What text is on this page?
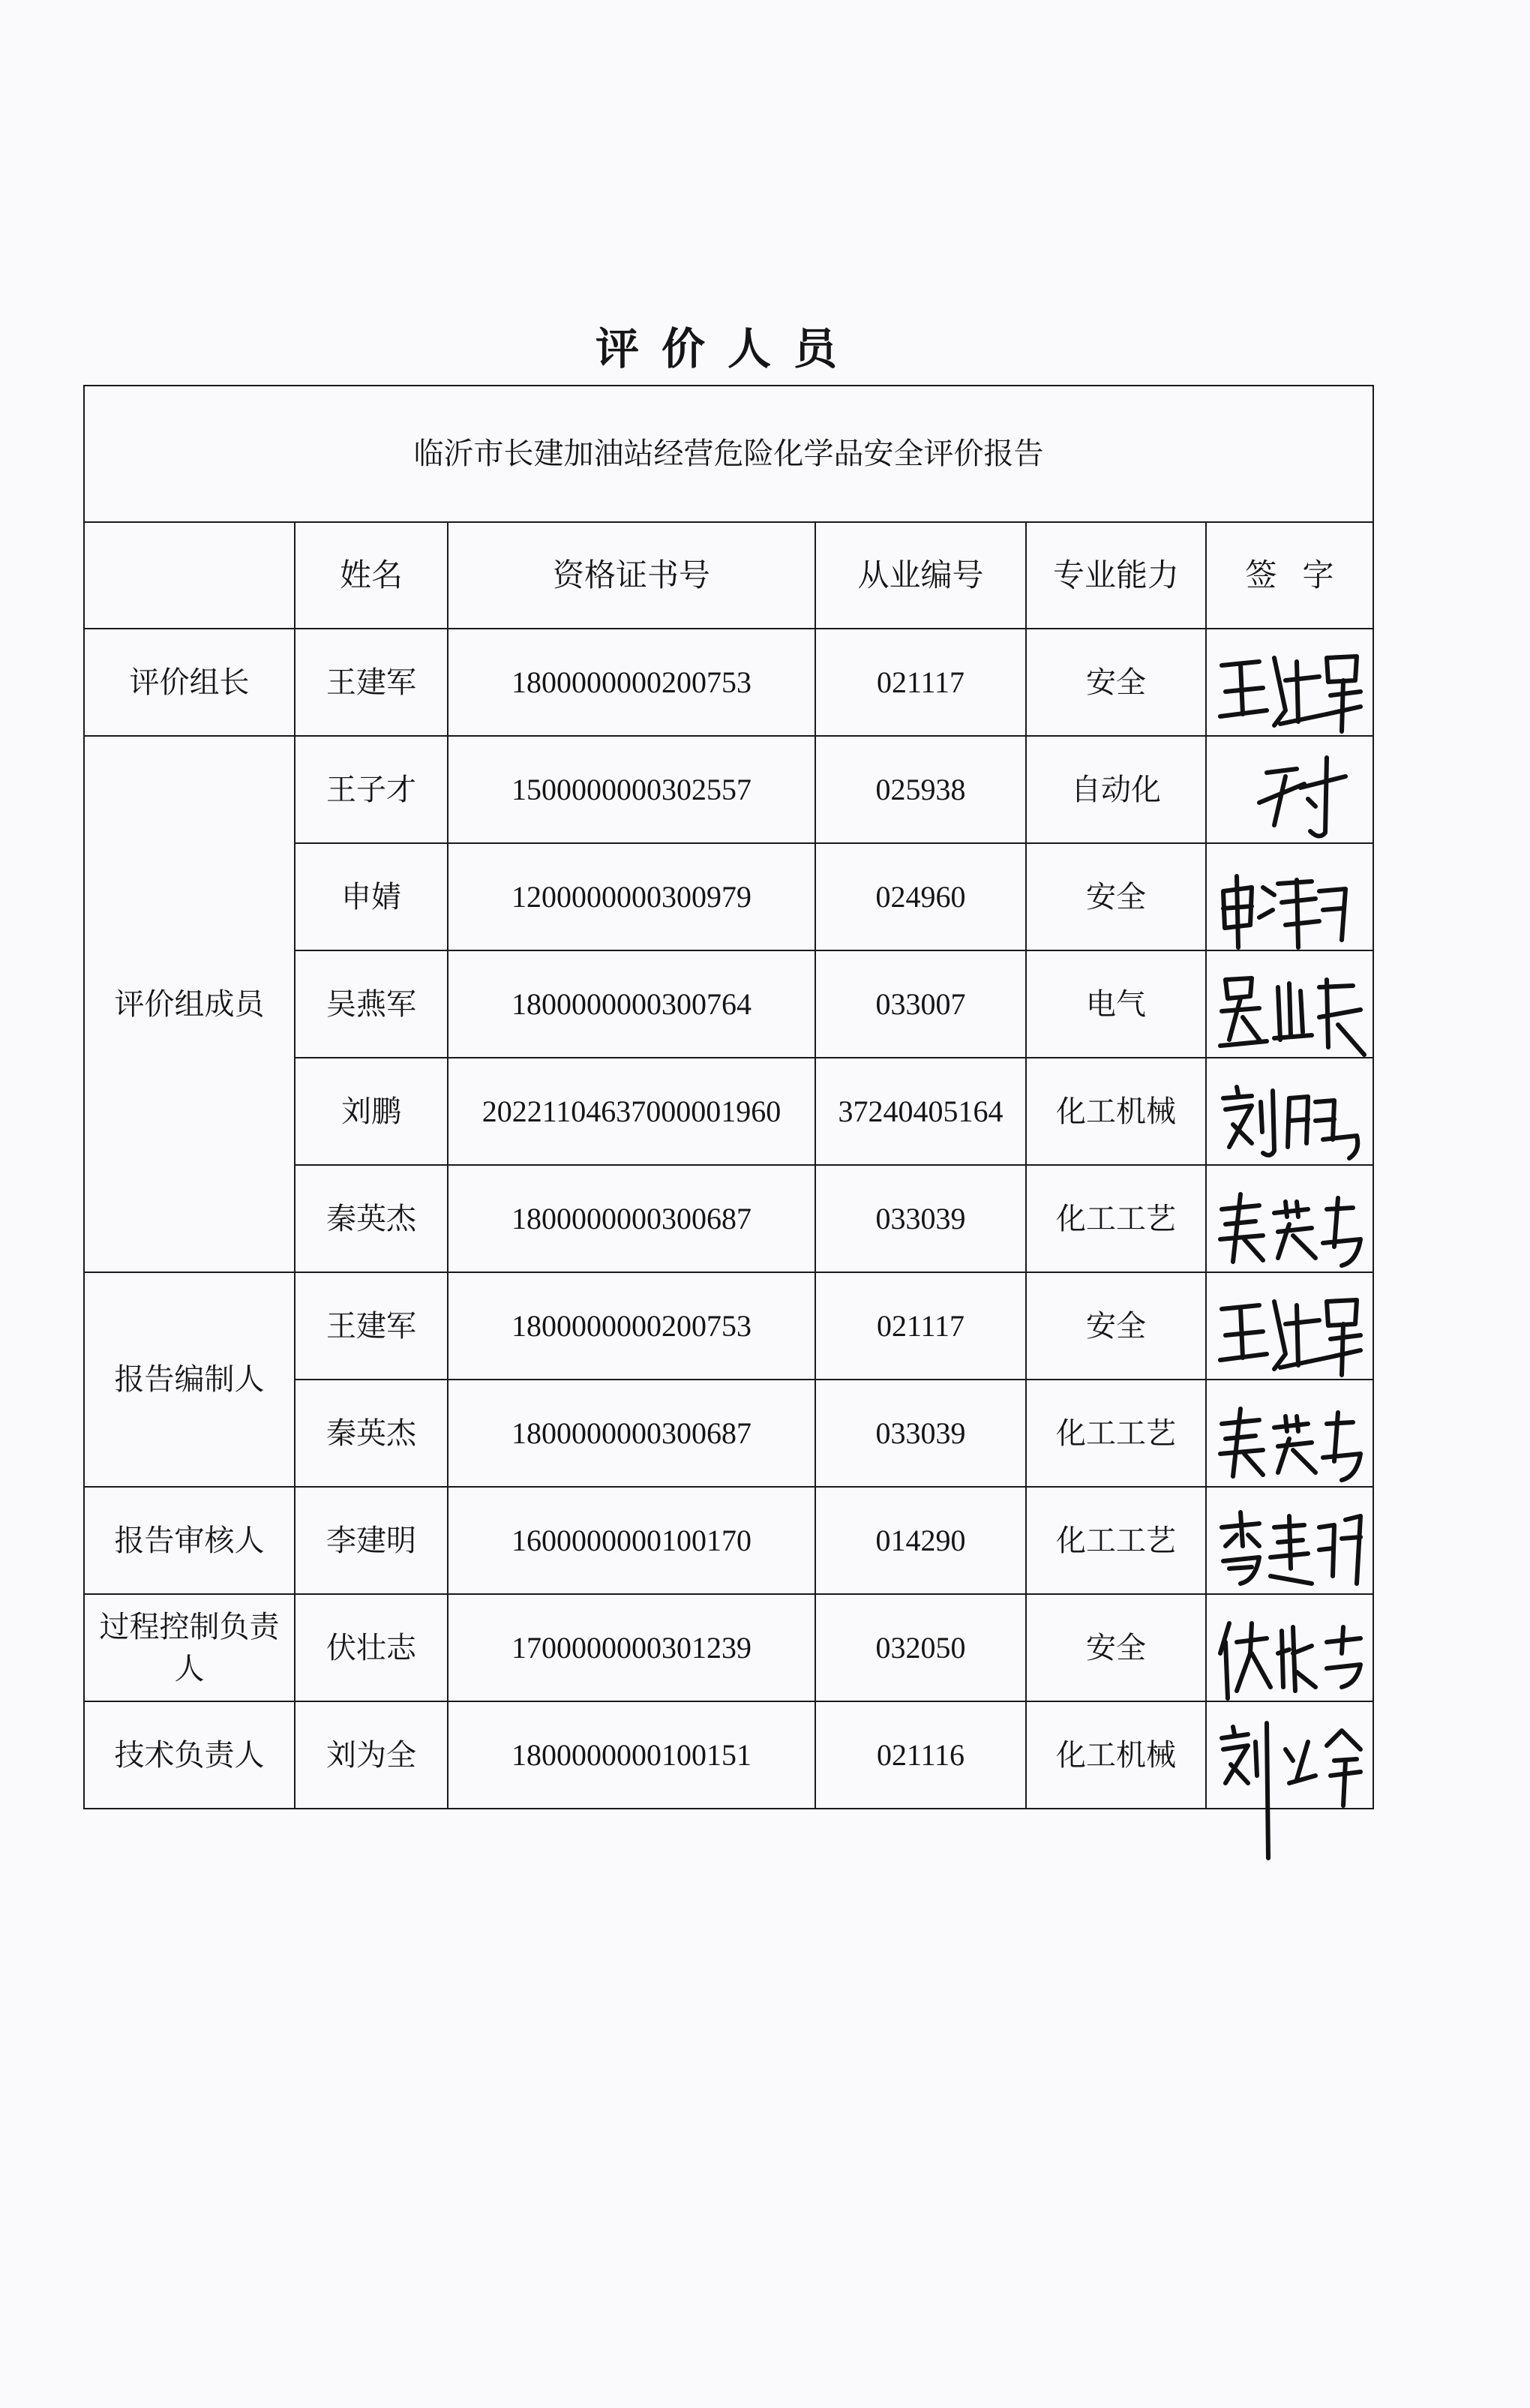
评价人员
临沂市长建加油站经营危险化学品安全评价报告					
	姓名	资格证书号	从业编号	专业能力	签字
评价组长	王建军	1800000000200753	021117	安全	

评价组成员	王子才	1500000000302557	025938	自动化	

	申婧	1200000000300979	024960	安全	

	吴燕军	1800000000300764	033007	电气	

	刘鹏	20221104637000001960	37240405164	化工机械	

	秦英杰	1800000000300687	033039	化工工艺	

报告编制人	王建军	1800000000200753	021117	安全	

	秦英杰	1800000000300687	033039	化工工艺	

报告审核人	李建明	1600000000100170	014290	化工工艺	

过程控制负责人	伏壮志	1700000000301239	032050	安全	

技术负责人	刘为全	1800000000100151	021116	化工机械	
